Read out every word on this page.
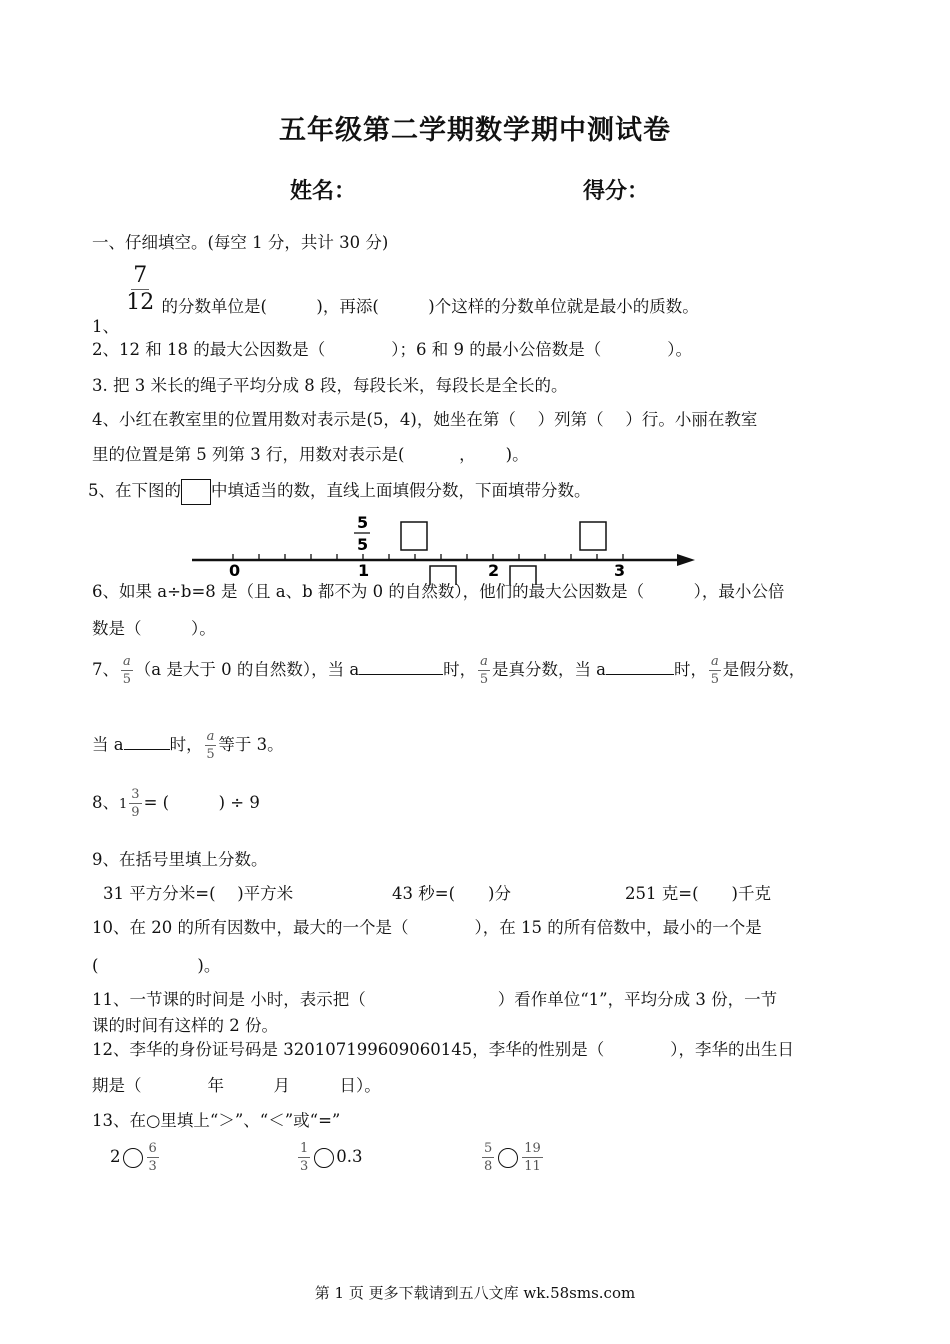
五年级第二学期数学期中测试卷
姓名：	得分：
一、仔细填空。(每空 1 分，共计 30 分)
1、
$\frac{7}{12}$ 的分数单位是(　　　)，再添(　　　)个这样的分数单位就是最小的质数。
2、12 和 18 的最大公因数是（　　　　）；6 和 9 的最小公倍数是（　　　　）。
3. 把 3 米长的绳子平均分成 8 段，每段长米，每段长是全长的。
4、小红在教室里的位置用数对表示是(5，4)，她坐在第（　 ）列第（　 ）行。小丽在教室
里的位置是第 5 列第 3 行，用数对表示是(　　　 ，　　 )。
5、在下图的 中填适当的数，直线上面填假分数，下面填带分数。
0	1	2	3
5
5
6、如果 a÷b=8 是（且 a、b 都不为 0 的自然数），他们的最大公因数是（　　　），最小公倍
数是（　　　）。
7、 $\frac{a}{5} (a$ 是大于 0 的自然数），当 a	时， $\frac{a}{5}$ 是真分数，当 a	时， $\frac{a}{5}$ 是假分数，
当 a	时， $\frac{a}{5}$ 等于 3。
8、$1 \frac{3}{9}$ = (　　　) ÷ 9
9、在括号里填上分数。
31 平方分米=(　 )平方米	43 秒=(　　)分	251 克=(　　)千克
10、在 20 的所有因数中，最大的一个是（　　　　），在 15 的所有倍数中，最小的一个是
(　　　　　　)。
11、一节课的时间是 小时，表示把（　　　　　　　　）看作单位“1”，平均分成 3 份，一节
课的时间有这样的 2 份。
12、李华的身份证号码是 320107199609060145，李华的性别是（　　　　），李华的出生日
期是（　　　　年　　　月　　　日）。
13、在○里填上“＞”、“＜”或“=”
$2 \frac{6}{3}$	$\frac{1}{3} 0.3$	$\frac{5}{8} \frac{19}{11}$
第 1 页 更多下载请到五八文库 wk.58sms.com
